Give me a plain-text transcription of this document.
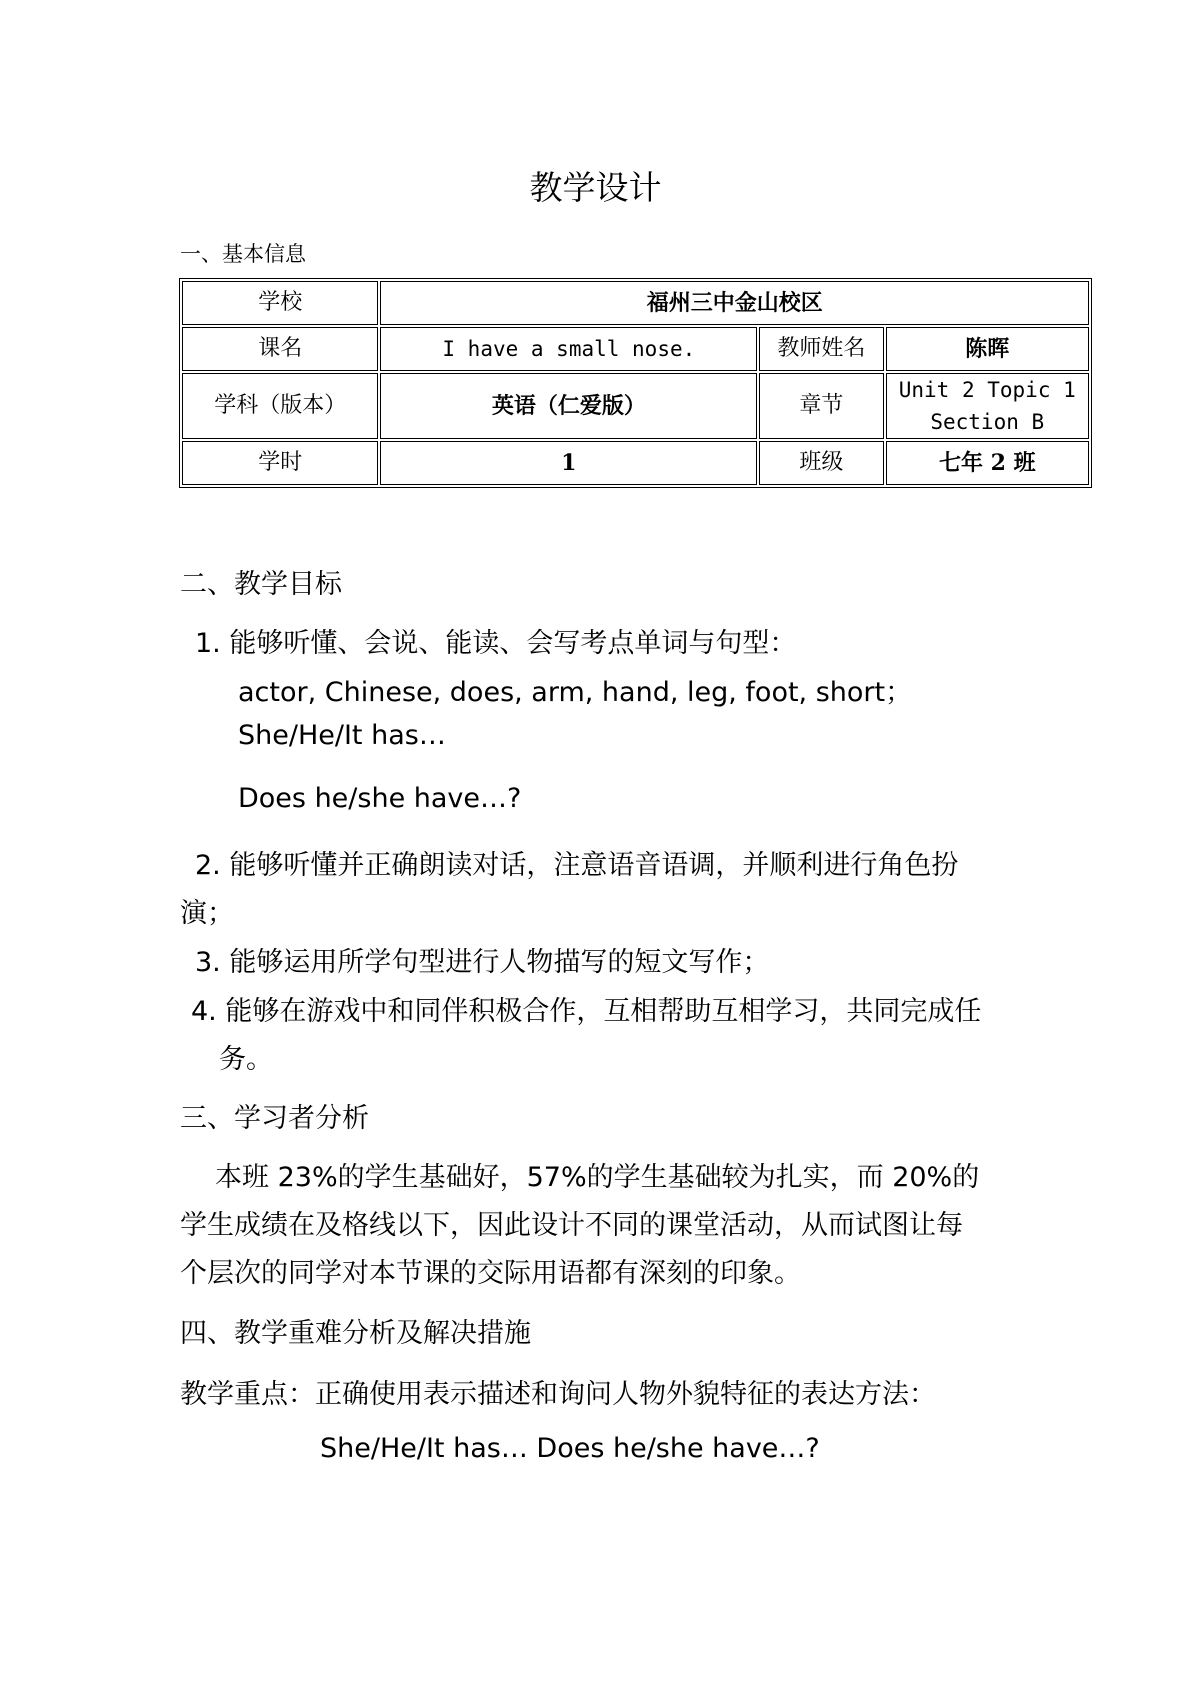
教学设计
一、基本信息
学校	福州三中金山校区		
课名	I have a small nose.	教师姓名	陈晖
学科（版本）	英语（仁爱版）	章节	Unit 2 Topic 1
Section B

学时	1	班级	七年 2 班
二、教学目标
1. 能够听懂、会说、能读、会写考点单词与句型：
actor, Chinese, does, arm, hand, leg, foot, short；
She/He/It has…
Does he/she have…?
2. 能够听懂并正确朗读对话，注意语音语调，并顺利进行角色扮
演；
3. 能够运用所学句型进行人物描写的短文写作；
4. 能够在游戏中和同伴积极合作，互相帮助互相学习，共同完成任
务。
三、学习者分析
本班 23%的学生基础好，57%的学生基础较为扎实，而 20%的
学生成绩在及格线以下，因此设计不同的课堂活动，从而试图让每
个层次的同学对本节课的交际用语都有深刻的印象。
四、教学重难分析及解决措施
教学重点：正确使用表示描述和询问人物外貌特征的表达方法：
She/He/It has… Does he/she have…?
